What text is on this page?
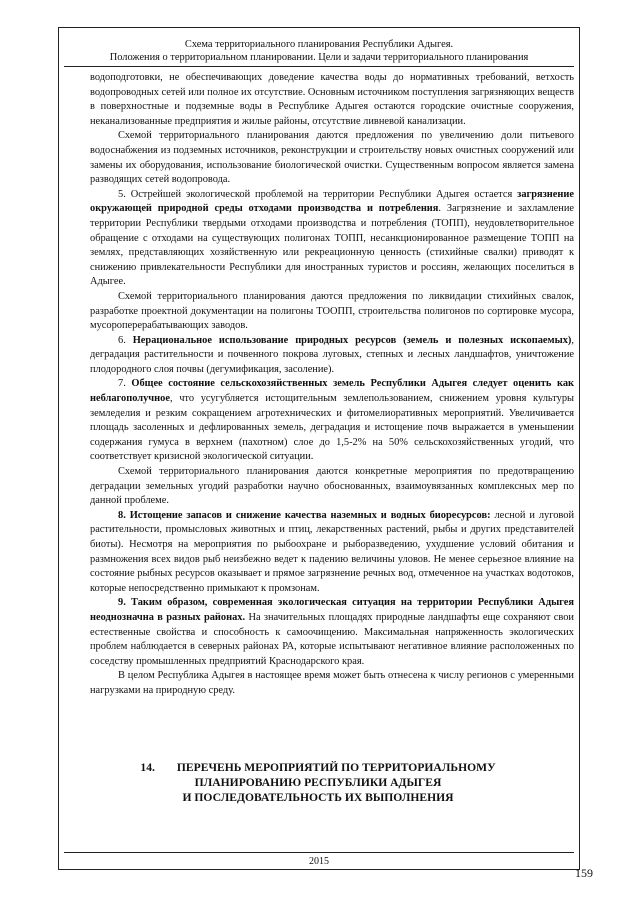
Схема территориального планирования Республики Адыгея.
Положения о территориальном планировании. Цели и задачи территориального планирования

водоподготовки, не обеспечивающих доведение качества воды до нормативных требований, ветхость водопроводных сетей или полное их отсутствие. Основным источником поступления загрязняющих веществ в поверхностные и подземные воды в Республике Адыгея остаются городские очистные сооружения, неканализованные предприятия и жилые районы, отсутствие ливневой канализации.

Схемой территориального планирования даются предложения по увеличению доли питьевого водоснабжения из подземных источников, реконструкции и строительству новых очистных сооружений или замены их оборудования, использование биологической очистки. Существенным вопросом является замена разводящих сетей водопровода.

5. Острейшей экологической проблемой на территории Республики Адыгея остается загрязнение окружающей природной среды отходами производства и потребления. Загрязнение и захламление территории Республики твердыми отходами производства и потребления (ТОПП), неудовлетворительное обращение с отходами на существующих полигонах ТОПП, несанкционированное размещение ТОПП на землях, представляющих хозяйственную или рекреационную ценность (стихийные свалки) приводят к снижению привлекательности Республики для иностранных туристов и россиян, желающих поселиться в Адыгее.

Схемой территориального планирования даются предложения по ликвидации стихийных свалок, разработке проектной документации на полигоны ТООПП, строительства полигонов по сортировке мусора, мусороперерабатывающих заводов.

6. Нерациональное использование природных ресурсов (земель и полезных ископаемых), деградация растительности и почвенного покрова луговых, степных и лесных ландшафтов, уничтожение плодородного слоя почвы (дегумификация, засоление).

7. Общее состояние сельскохозяйственных земель Республики Адыгея следует оценить как неблагополучное, что усугубляется истощительным землепользованием, снижением уровня культуры земледелия и резким сокращением агротехнических и фитомелиоративных мероприятий. Увеличивается площадь засоленных и дефлированных земель, деградация и истощение почв выражается в уменьшении содержания гумуса в верхнем (пахотном) слое до 1,5-2% на 50% сельскохозяйственных угодий, что соответствует кризисной экологической ситуации.

Схемой территориального планирования даются конкретные мероприятия по предотвращению деградации земельных угодий разработки научно обоснованных, взаимоувязанных комплексных мер по данной проблеме.

8. Истощение запасов и снижение качества наземных и водных биоресурсов: лесной и луговой растительности, промысловых животных и птиц, лекарственных растений, рыбы и других представителей биоты). Несмотря на мероприятия по рыбоохране и рыборазведению, ухудшение условий обитания и размножения всех видов рыб неизбежно ведет к падению величины уловов. Не менее серьезное влияние на состояние рыбных ресурсов оказывает и прямое загрязнение речных вод, отмеченное на участках водотоков, которые непосредственно примыкают к промзонам.

9. Таким образом, современная экологическая ситуация на территории Республики Адыгея неоднозначна в разных районах. На значительных площадях природные ландшафты еще сохраняют свои естественные свойства и способность к самоочищению. Максимальная напряженность экологических проблем наблюдается в северных районах РА, которые испытывают негативное влияние расположенных по соседству промышленных предприятий Краснодарского края.

В целом Республика Адыгея в настоящее время может быть отнесена к числу регионов с умеренными нагрузками на природную среду.

14. ПЕРЕЧЕНЬ МЕРОПРИЯТИЙ ПО ТЕРРИТОРИАЛЬНОМУ
ПЛАНИРОВАНИЮ РЕСПУБЛИКИ АДЫГЕЯ
И ПОСЛЕДОВАТЕЛЬНОСТЬ ИХ ВЫПОЛНЕНИЯ
2015
159
